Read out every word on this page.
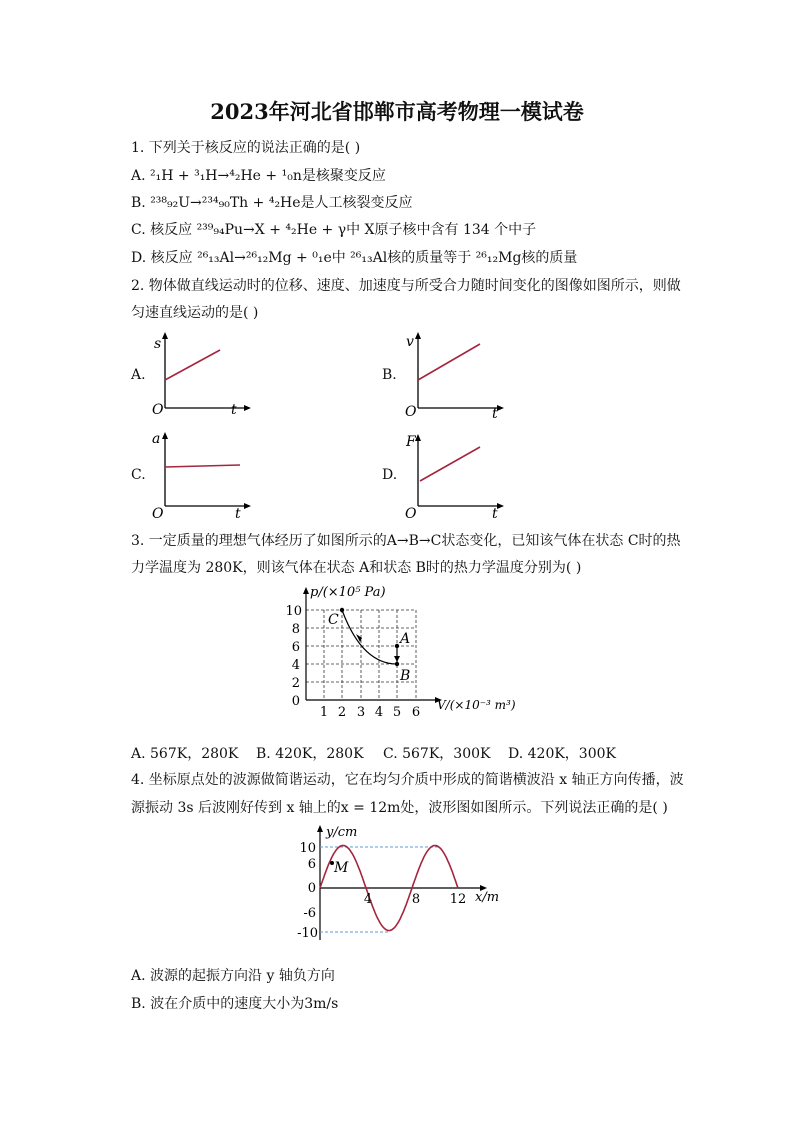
2023年河北省邯郸市高考物理一模试卷
1. 下列关于核反应的说法正确的是( )
A. ²₁H + ³₁H→⁴₂He + ¹₀n是核聚变反应
B. ²³⁸₉₂U→²³⁴₉₀Th + ⁴₂He是人工核裂变反应
C. 核反应 ²³⁹₉₄Pu→X + ⁴₂He + γ中 X原子核中含有 134 个中子
D. 核反应 ²⁶₁₃Al→²⁶₁₂Mg + ⁰₁e中 ²⁶₁₃Al核的质量等于 ²⁶₁₂Mg核的质量
2. 物体做直线运动时的位移、速度、加速度与所受合力随时间变化的图像如图所示，则做
匀速直线运动的是( )
A.
s
t
O
B.
v
t
O
C.
a
t
O
D.
F
t
O
3. 一定质量的理想气体经历了如图所示的A→B→C状态变化，已知该气体在状态 C时的热
力学温度为 280K，则该气体在状态 A和状态 B时的热力学温度分别为( )
p/(×10⁵ Pa)
V/(×10⁻³ m³)
0
2
4
6
8
10
1 2 3 4 5 6
C
A
B
A. 567K，280K B. 420K，280K C. 567K，300K D. 420K，300K
4. 坐标原点处的波源做简谐运动，它在均匀介质中形成的简谐横波沿 x 轴正方向传播，波
源振动 3s 后波刚好传到 x 轴上的x = 12m处，波形图如图所示。下列说法正确的是( )
y/cm
x/m
10
6
0
-6
-10
4	8 12
M
A. 波源的起振方向沿 y 轴负方向
B. 波在介质中的速度大小为3m/s
